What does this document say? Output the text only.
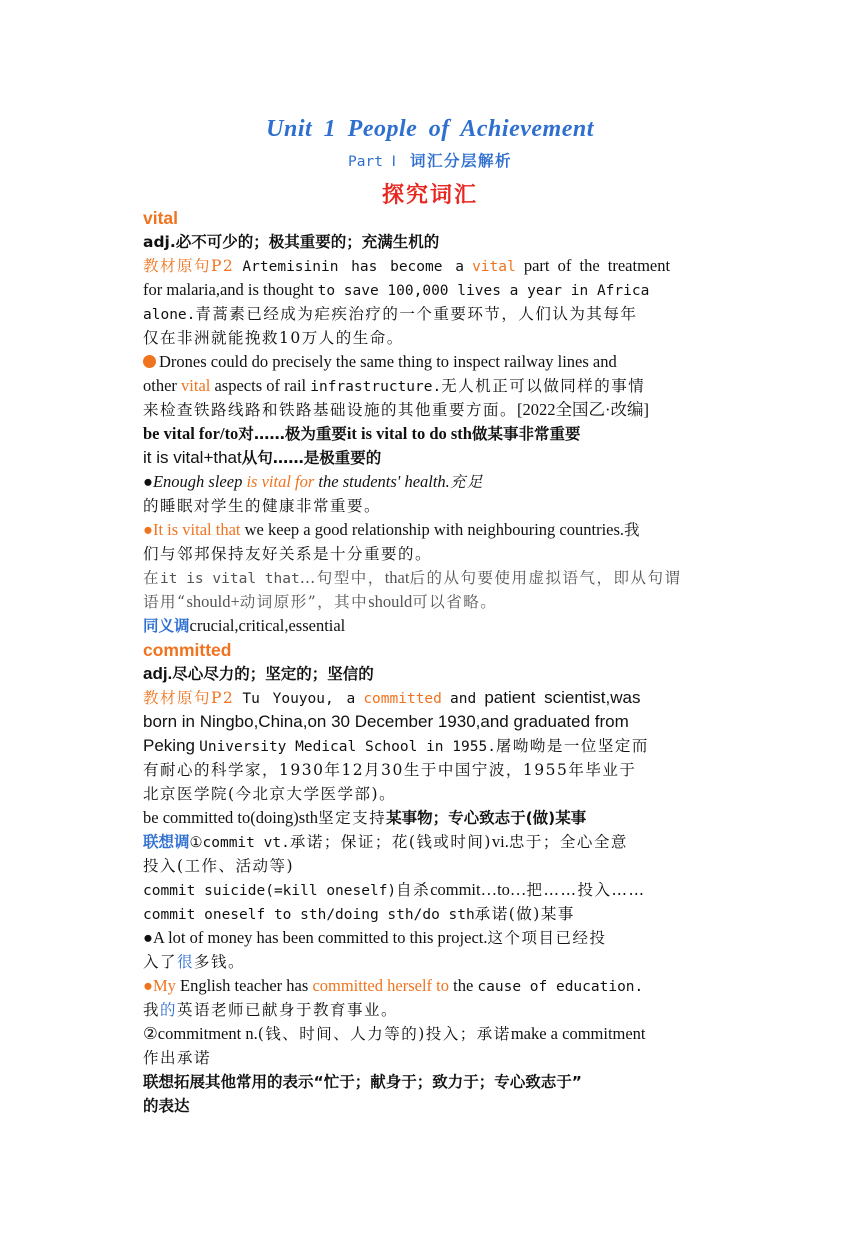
Unit 1 People of Achievement
Part Ⅰ 词汇分层解析
探究词汇
vital
adj.必不可少的；极其重要的；充满生机的
教材原句P2 Artemisinin has become a vital part of the treatment
for malaria,and is thought to save 100,000 lives a year in Africa
alone.青蒿素已经成为疟疾治疗的一个重要环节，人们认为其每年
仅在非洲就能挽救10万人的生命。
Drones could do precisely the same thing to inspect railway lines and
other vital aspects of rail infrastructure.无人机正可以做同样的事情
来检查铁路线路和铁路基础设施的其他重要方面。[2022全国乙·改编]
be vital for/to对……极为重要it is vital to do sth做某事非常重要
it is vital+that从句……是极重要的
●Enough sleep is vital for the students' health.充足
的睡眠对学生的健康非常重要。
●It is vital that we keep a good relationship with neighbouring countries.我
们与邻邦保持友好关系是十分重要的。
在it is vital that…句型中，that后的从句要使用虚拟语气，即从句谓
语用“should+动词原形”，其中should可以省略。
同义调crucial,critical,essential
committed
adj.尽心尽力的；坚定的；坚信的
教材原句P2 Tu Youyou, a committed and patient scientist,was
born in Ningbo,China,on 30 December 1930,and graduated from
Peking University Medical School in 1955.屠呦呦是一位坚定而
有耐心的科学家，1930年12月30生于中国宁波，1955年毕业于
北京医学院(今北京大学医学部)。
be committed to(doing)sth坚定支持某事物；专心致志于(做)某事
联想调①commit vt.承诺；保证；花(钱或时间)vi.忠于；全心全意
投入(工作、活动等)
commit suicide(=kill oneself)自杀commit…to…把……投入……
commit oneself to sth/doing sth/do sth承诺(做)某事
●A lot of money has been committed to this project.这个项目已经投
入了很多钱。
●My English teacher has committed herself to the cause of education.
我的英语老师已献身于教育事业。
②commitment n.(钱、时间、人力等的)投入；承诺make a commitment
作出承诺
联想拓展其他常用的表示“忙于；献身于；致力于；专心致志于”
的表达
